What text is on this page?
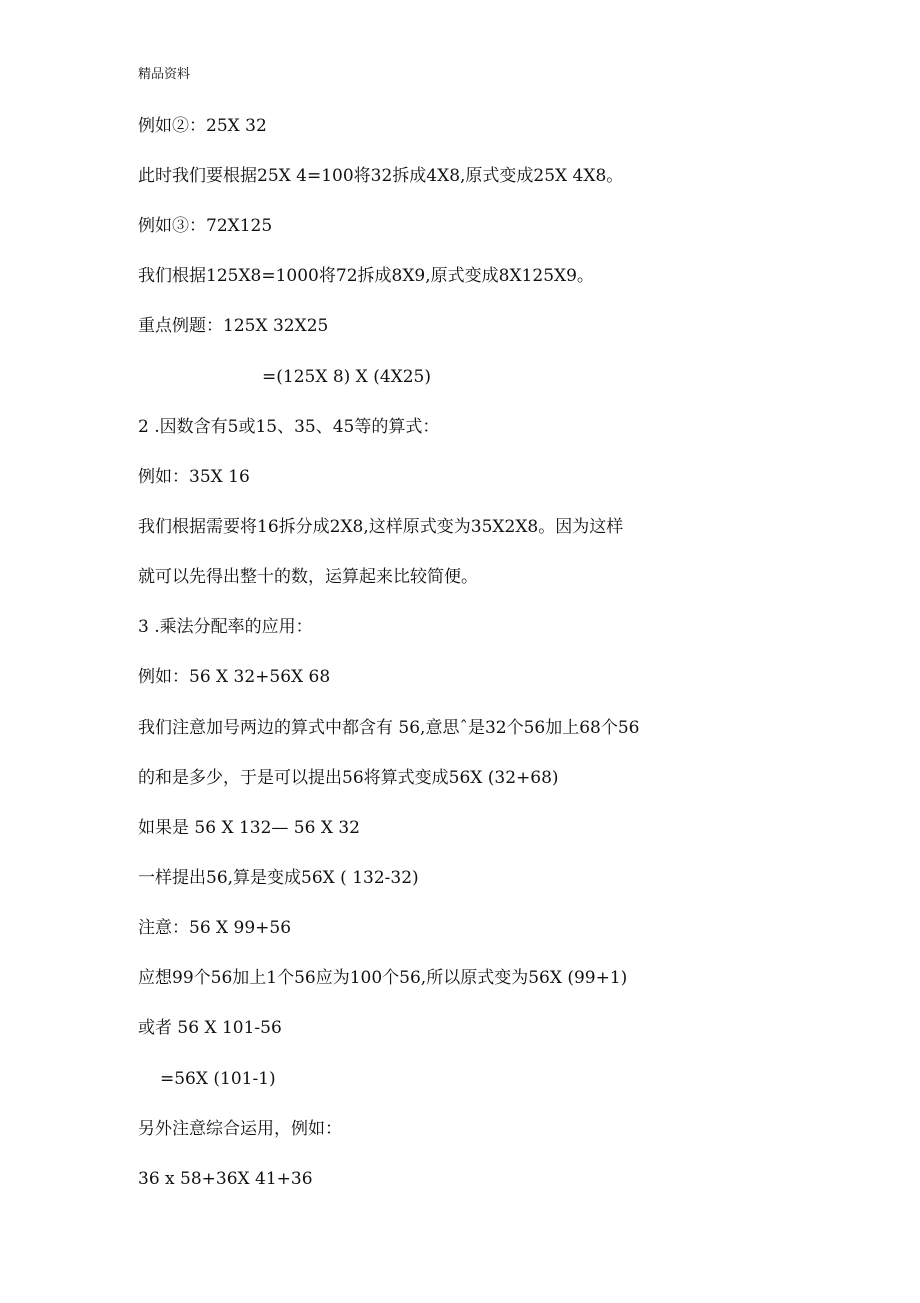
精品资料
例如②：25X 32
此时我们要根据25X 4=100将32拆成4X8,原式变成25X 4X8。
例如③：72X125
我们根据125X8=1000将72拆成8X9,原式变成8X125X9。
重点例题：125X 32X25
=(125X 8) X (4X25)
2 .因数含有5或15、35、45等的算式：
例如：35X 16
我们根据需要将16拆分成2X8,这样原式变为35X2X8。因为这样
就可以先得出整十的数，运算起来比较简便。
3 .乘法分配率的应用：
例如：56 X 32+56X 68
我们注意加号两边的算式中都含有 56,意思ˆ是32个56加上68个56
的和是多少，于是可以提出56将算式变成56X (32+68)
如果是 56 X 132— 56 X 32
一样提出56,算是变成56X ( 132-32)
注意：56 X 99+56
应想99个56加上1个56应为100个56,所以原式变为56X (99+1)
或者 56 X 101-56
=56X (101-1)
另外注意综合运用，例如：
36 x 58+36X 41+36
